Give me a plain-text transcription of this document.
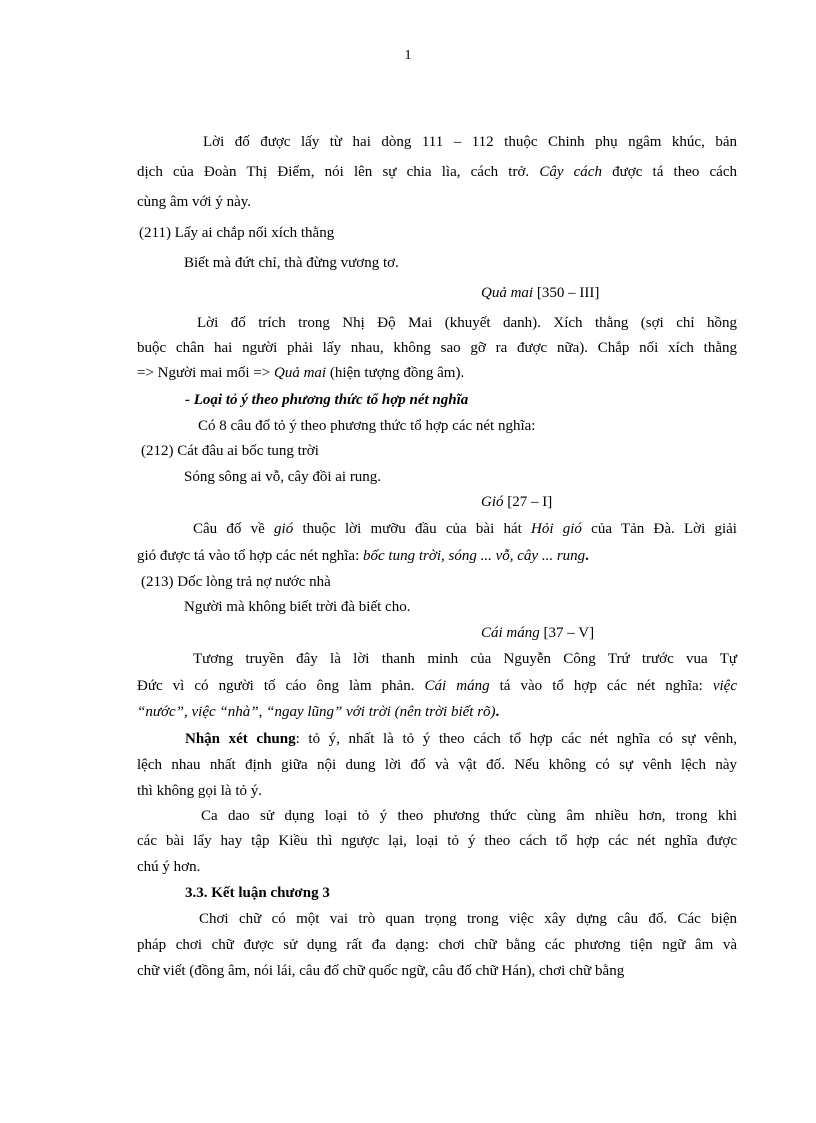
1
Lời đố được lấy từ hai dòng 111 – 112 thuộc Chinh phụ ngâm khúc, bản
dịch của Đoàn Thị Điểm, nói lên sự chia lìa, cách trở. Cây cách được tá theo cách
cùng âm với ý này.
(211) Lấy ai chắp nối xích thằng
Biết mà đứt chỉ, thà đừng vương tơ.
Quả mai [350 – III]
Lời đố trích trong Nhị Độ Mai (khuyết danh). Xích thằng (sợi chỉ hồng
buộc chân hai người phải lấy nhau, không sao gỡ ra được nữa). Chắp nối xích thằng
=> Người mai mối => Quả mai (hiện tượng đồng âm).
- Loại tỏ ý theo phương thức tổ hợp nét nghĩa
Có 8 câu đố tỏ ý theo phương thức tổ hợp các nét nghĩa:
(212) Cát đâu ai bốc tung trời
Sóng sông ai vỗ, cây đồi ai rung.
Gió [27 – I]
Câu đố về gió thuộc lời mưỡu đầu của bài hát Hỏi gió của Tản Đà. Lời giải
gió được tá vào tổ hợp các nét nghĩa: bốc tung trời, sóng ... vỗ, cây ... rung.
(213) Dốc lòng trả nợ nước nhà
Người mà không biết trời đà biết cho.
Cái máng [37 – V]
Tương truyền đây là lời thanh minh của Nguyễn Công Trứ trước vua Tự
Đức vì có người tố cáo ông làm phản. Cái máng tá vào tổ hợp các nét nghĩa: việc
“nước”, việc “nhà”, “ngay lũng” với trời (nên trời biết rõ).
Nhận xét chung: tỏ ý, nhất là tỏ ý theo cách tổ hợp các nét nghĩa có sự vênh,
lệch nhau nhất định giữa nội dung lời đố và vật đố. Nếu không có sự vênh lệch này
thì không gọi là tỏ ý.
Ca dao sử dụng loại tỏ ý theo phương thức cùng âm nhiều hơn, trong khi
các bài lẩy hay tập Kiều thì ngược lại, loại tỏ ý theo cách tổ hợp các nét nghĩa được
chú ý hơn.
3.3. Kết luận chương 3
Chơi chữ có một vai trò quan trọng trong việc xây dựng câu đố. Các biện
pháp chơi chữ được sử dụng rất đa dạng: chơi chữ bằng các phương tiện ngữ âm và
chữ viết (đồng âm, nói lái, câu đố chữ quốc ngữ, câu đố chữ Hán), chơi chữ bằng
